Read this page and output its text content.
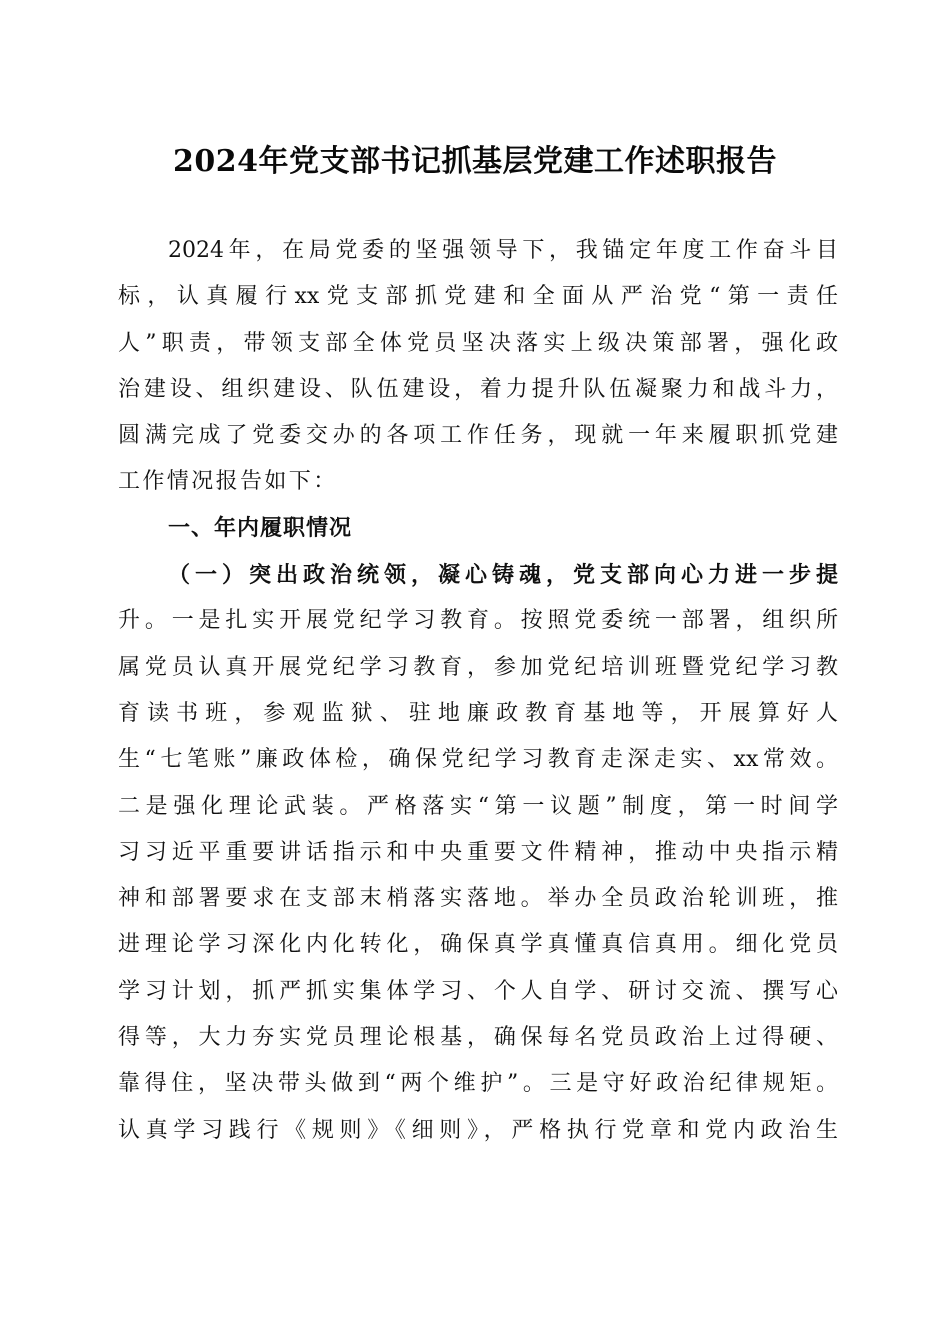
2024年党支部书记抓基层党建工作述职报告
2024年，在局党委的坚强领导下，我锚定年度工作奋斗目
标，认真履行xx党支部抓党建和全面从严治党“第一责任
人”职责，带领支部全体党员坚决落实上级决策部署，强化政
治建设、组织建设、队伍建设，着力提升队伍凝聚力和战斗力，
圆满完成了党委交办的各项工作任务，现就一年来履职抓党建
工作情况报告如下：
一、年内履职情况
（一）突出政治统领，凝心铸魂，党支部向心力进一步提
升。一是扎实开展党纪学习教育。按照党委统一部署，组织所
属党员认真开展党纪学习教育，参加党纪培训班暨党纪学习教
育读书班，参观监狱、驻地廉政教育基地等，开展算好人
生“七笔账”廉政体检，确保党纪学习教育走深走实、xx常效。
二是强化理论武装。严格落实“第一议题”制度，第一时间学
习习近平重要讲话指示和中央重要文件精神，推动中央指示精
神和部署要求在支部末梢落实落地。举办全员政治轮训班，推
进理论学习深化内化转化，确保真学真懂真信真用。细化党员
学习计划，抓严抓实集体学习、个人自学、研讨交流、撰写心
得等，大力夯实党员理论根基，确保每名党员政治上过得硬、
靠得住，坚决带头做到“两个维护”。三是守好政治纪律规矩。
认真学习践行《规则》《细则》，严格执行党章和党内政治生
